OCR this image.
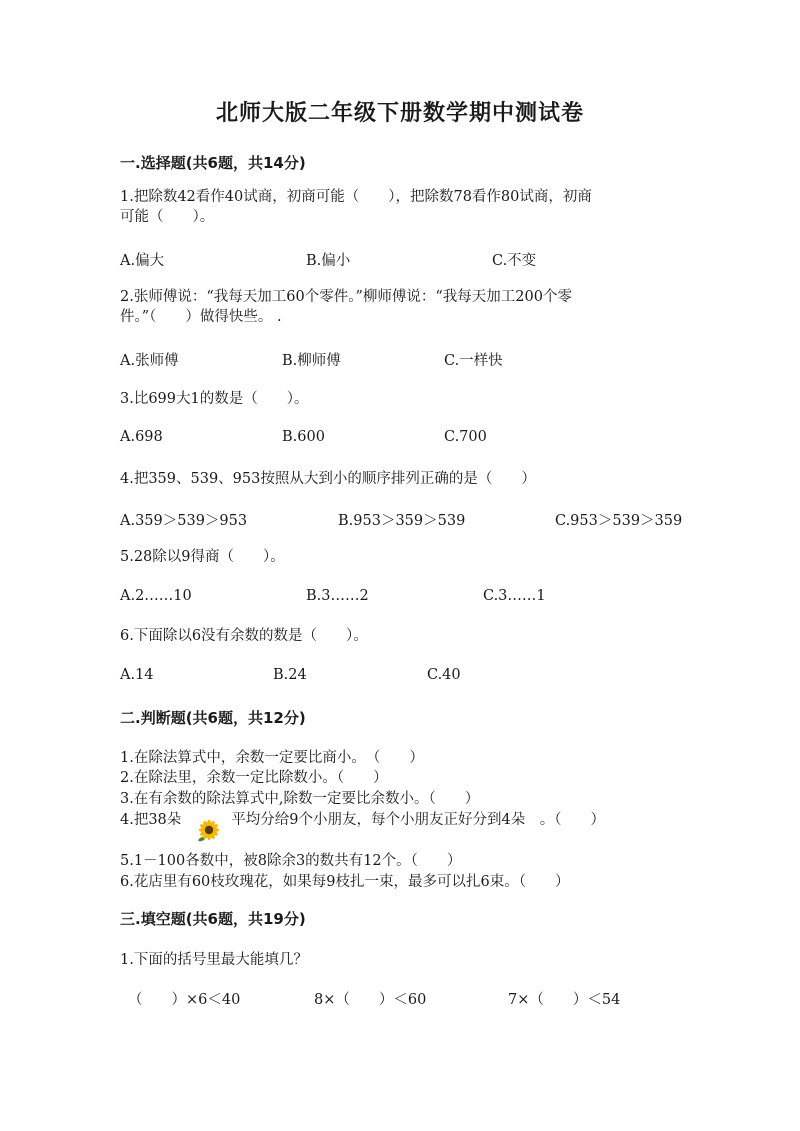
北师大版二年级下册数学期中测试卷
一.选择题(共6题，共14分)
1.把除数42看作40试商，初商可能（　　），把除数78看作80试商，初商
可能（　　）。
A.偏大	B.偏小	C.不变
2.张师傅说：“我每天加工60个零件。”柳师傅说：“我每天加工200个零
件。”（　　）做得快些。 .
A.张师傅	B.柳师傅	C.一样快
3.比699大1的数是（　　）。
A.698	B.600	C.700
4.把359、539、953按照从大到小的顺序排列正确的是（　　）
A.359＞539＞953	B.953＞359＞539	C.953＞539＞359
5.28除以9得商（　　）。
A.2……10	B.3……2	C.3……1
6.下面除以6没有余数的数是（　　）。
A.14	B.24	C.40
二.判断题(共6题，共12分)
1.在除法算式中，余数一定要比商小。　（　　）
2.在除法里，余数一定比除数小。（　　）
3.在有余数的除法算式中,除数一定要比余数小。（　　）
4.把38朵	平均分给9个小朋友，每个小朋友正好分到4朵　。（　　）
5.1－100各数中，被8除余3的数共有12个。（　　）
6.花店里有60枝玫瑰花，如果每9枝扎一束，最多可以扎6束。（　　）
三.填空题(共6题，共19分)
1.下面的括号里最大能填几？
（　　）×6＜40	8×（　　）＜60	7×（　　）＜54
